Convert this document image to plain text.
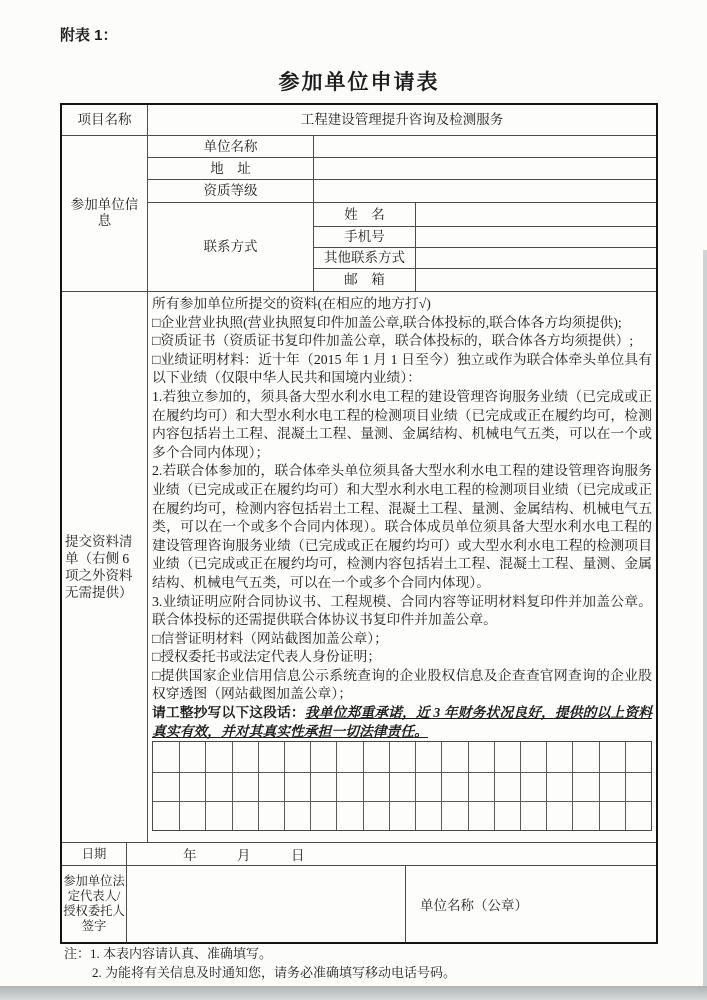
附表 1：
参加单位申请表
项目名称	工程建设管理提升咨询及检测服务
参加单位信息
单位名称
地　址
资质等级
联系方式
姓　名
手机号
其他联系方式
邮　箱
提交资料清单（右侧 6 项之外资料无需提供）

所有参加单位所提交的资料(在相应的地方打√)

□企业营业执照(营业执照复印件加盖公章,联合体投标的,联合体各方均须提供);

□资质证书（资质证书复印件加盖公章，联合体投标的，联合体各方均须提供）;

□业绩证明材料：近十年（2015 年 1 月 1 日至今）独立或作为联合体牵头单位具有以下业绩（仅限中华人民共和国境内业绩）：

1.若独立参加的，须具备大型水利水电工程的建设管理咨询服务业绩（已完成或正在履约均可）和大型水利水电工程的检测项目业绩（已完成或正在履约均可，检测内容包括岩土工程、混凝土工程、量测、金属结构、机械电气五类，可以在一个或多个合同内体现）；

2.若联合体参加的，联合体牵头单位须具备大型水利水电工程的建设管理咨询服务业绩（已完成或正在履约均可）和大型水利水电工程的检测项目业绩（已完成或正在履约均可，检测内容包括岩土工程、混凝土工程、量测、金属结构、机械电气五类，可以在一个或多个合同内体现）。联合体成员单位须具备大型水利水电工程的建设管理咨询服务业绩（已完成或正在履约均可）或大型水利水电工程的检测项目业绩（已完成或正在履约均可，检测内容包括岩土工程、混凝土工程、量测、金属结构、机械电气五类，可以在一个或多个合同内体现）。

3.业绩证明应附合同协议书、工程规模、合同内容等证明材料复印件并加盖公章。联合体投标的还需提供联合体协议书复印件并加盖公章。

□信誉证明材料（网站截图加盖公章）；

□授权委托书或法定代表人身份证明；

□提供国家企业信用信息公示系统查询的企业股权信息及企查查官网查询的企业股权穿透图（网站截图加盖公章）；

请工整抄写以下这段话：我单位郑重承诺，近 3 年财务状况良好，提供的以上资料真实有效，并对其真实性承担一切法律责任。

日期	年　　　月　　　日
参加单位法定代表人/授权委托人签字
单位名称（公章）
注：1. 本表内容请认真、准确填写。
2. 为能将有关信息及时通知您，请务必准确填写移动电话号码。
